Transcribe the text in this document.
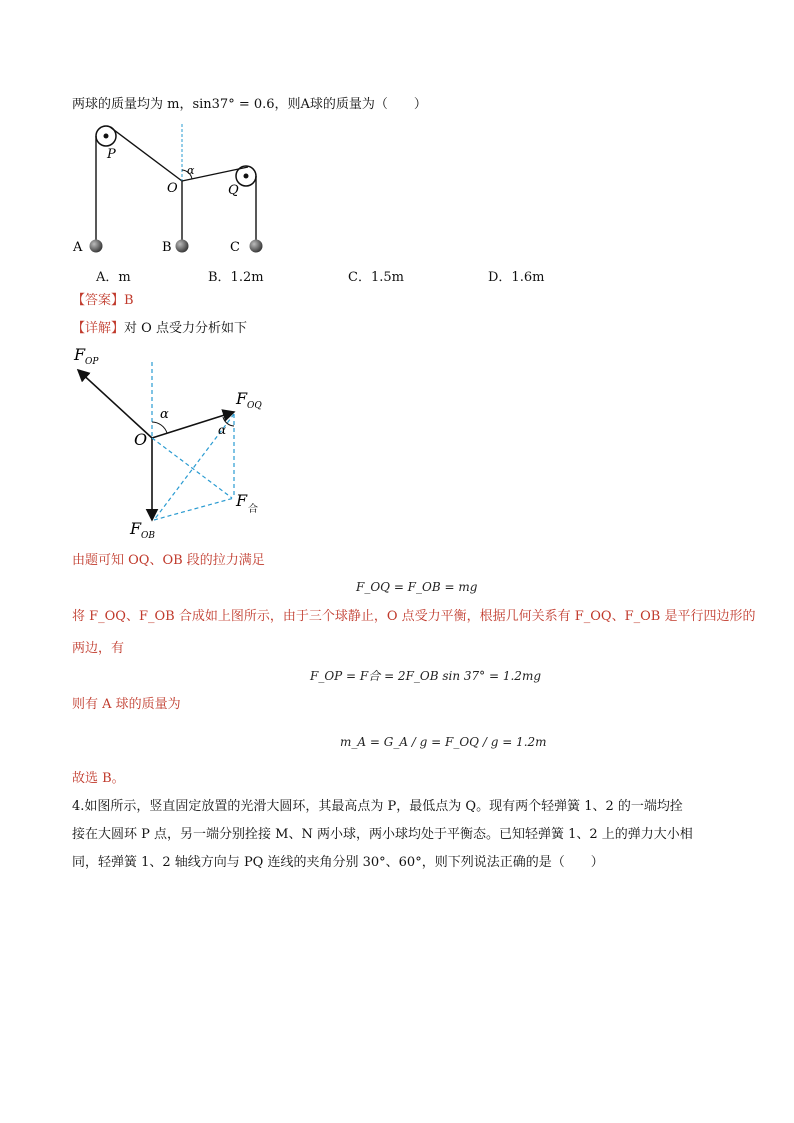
两球的质量均为 m，sin37° = 0.6，则A球的质量为（　　）
P
O
α
Q
A	B	C
A．m	B．1.2m	C．1.5m	D．1.6m
【答案】B
【详解】对 O 点受力分析如下
F OP
F OQ
O
α
α
F 合
F OB
由题可知 OQ、OB 段的拉力满足
F_OQ = F_OB = mg
将 F_OQ、F_OB 合成如上图所示，由于三个球静止，O 点受力平衡，根据几何关系有 F_OQ、F_OB 是平行四边形的
两边，有
F_OP = F合 = 2F_OB sin 37° = 1.2mg
则有 A 球的质量为
m_A = G_A / g = F_OQ / g = 1.2m
故选 B。
4.如图所示，竖直固定放置的光滑大圆环，其最高点为 P，最低点为 Q。现有两个轻弹簧 1、2 的一端均拴
接在大圆环 P 点，另一端分别拴接 M、N 两小球，两小球均处于平衡态。已知轻弹簧 1、2 上的弹力大小相
同，轻弹簧 1、2 轴线方向与 PQ 连线的夹角分别 30°、60°，则下列说法正确的是（　　）
